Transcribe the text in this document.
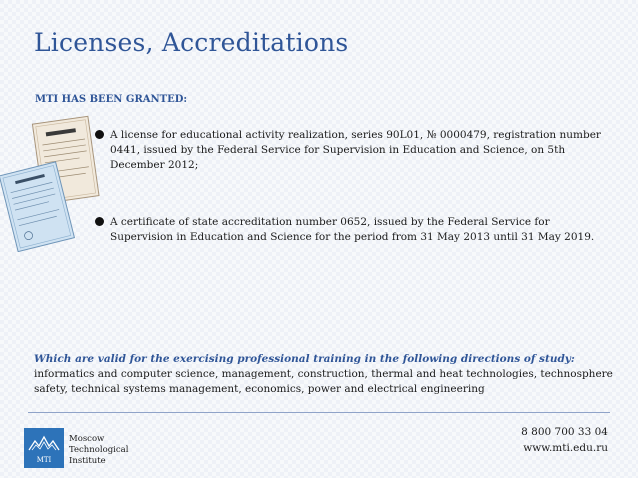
Licenses, Accreditations
MTI HAS BEEN GRANTED:
A license for educational activity realization, series 90L01, № 0000479, registration number 0441, issued by the Federal Service for Supervision in Education and Science, on 5th December 2012;
A certificate of state accreditation number 0652, issued by the Federal Service for Supervision in Education and Science for the period from 31 May 2013 until 31 May 2019.
Which are valid for the exercising professional training in the following directions of study:
informatics and computer science, management, construction, thermal and heat technologies, technosphere safety, technical systems management, economics, power and electrical engineering
MTI
Moscow
Technological
Institute
8 800 700 33 04
www.mti.edu.ru
